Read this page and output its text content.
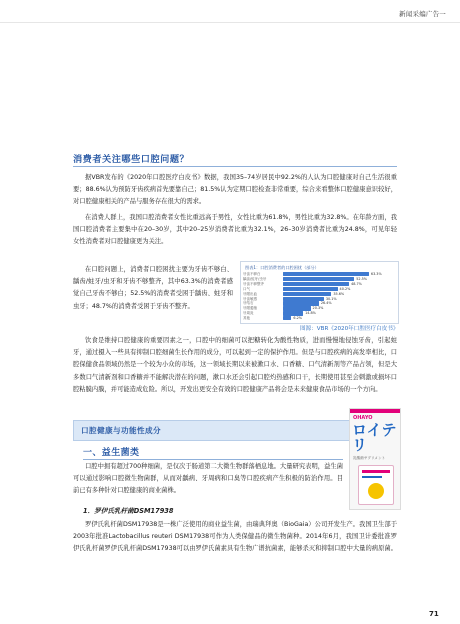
新闻采编广告一
消费者关注哪些口腔问题？
据VBR发布的《2020年口腔医疗白皮书》数据，我国35–74岁居民中92.2%的人认为口腔健康对自己生活很重要；88.6%认为预防牙齿疾病首先要靠自己；81.5%认为定期口腔检查非常重要，综合来看整体口腔健康意识较好，对口腔健康相关的产品与服务存在很大的需求。
在消费人群上，我国口腔消费者女性比重远高于男性，女性比重为61.8%，男性比重为32.8%。在年龄方面，我国口腔消费者主要集中在20–30岁，其中20–25岁消费者比重为32.1%，26–30岁消费者比重为24.8%，可见年轻女性消费者对口腔健康更为关注。
在口腔问题上，消费者口腔困扰主要为牙齿不够白、龋齿/蛀牙/虫牙和牙齿不够整齐，其中63.3%的消费者感觉自己牙齿不够白；52.5%的消费者受困于龋齿、蛀牙和虫牙；48.7%的消费者受困于牙齿不整齐。
图表1：口腔消费者的口腔困扰（部分）
牙齿不够白	63.3%
龋齿/蛀牙/虫牙	52.5%
牙齿不够整齐	48.7%
口气	40.2%
牙龈出血	35.6%
牙齿敏感	30.1%
牙结石	26.4%
牙龈萎缩	20.3%
牙周炎	14.8%
其他	6.2%
图源：VBR《2020年口腔医疗白皮书》
饮食是维持口腔健康的重要因素之一，口腔中的细菌可以把糖转化为酸性物质，进而慢慢地侵蚀牙齿，引起蛀牙，通过摄入一些具有抑制口腔细菌生长作用的成分，可以起到一定的保护作用。但是与口腔疾病的高发率相比，口腔保健食品领域仍然是一个较为小众的市场，这一领域长期以来被漱口水、口香糖、口气清新剂等产品占领，但是大多数口气清新剂和口香糖并不能解决潜在的问题，漱口水还会引起口腔灼热感和口干，长期使用甚至会刺激或损坏口腔粘膜内膜，并可能造成危险。所以，开发出更安全有效的口腔健康产品将会是未来健康食品市场的一个方向。
口腔健康与功能性成分
一、益生菌类
口腔中拥有超过700种细菌，是仅次于肠道第二大微生物群落栖息地。大量研究表明，益生菌可以通过影响口腔微生物菌群，从而对龋病、牙周病和口臭等口腔疾病产生积极的防治作用。目前已有多种针对口腔健康的商业菌株。
1．罗伊氏乳杆菌DSM17938
罗伊氏乳杆菌DSM17938是一株广泛使用的商业益生菌，由瑞典拜奥（BioGaia）公司开发生产。我国卫生部于2003年批准Lactobacillus reuteri DSM17938可作为人类保健品的微生物菌种。2014年6月，我国卫计委批准罗伊氏乳杆菌罗伊氏乳杆菌DSM17938可以由罗伊氏菌素具有生物广谱抗菌素，能够杀灭和抑制口腔中大量的病原菌。
OHAYO
ロイテリ
乳酸菌サプリメント
71
